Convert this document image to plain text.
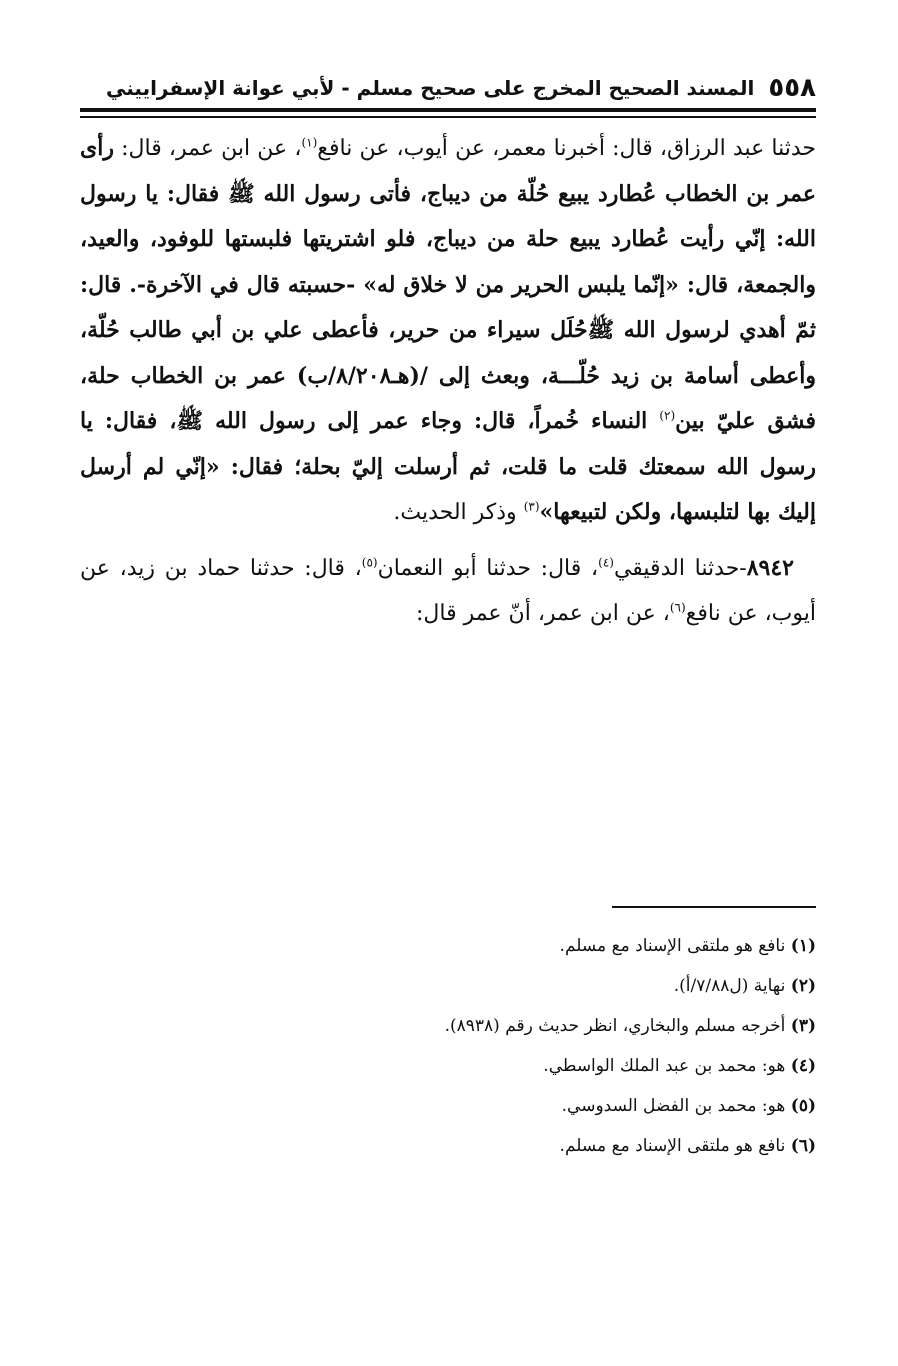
٥٥٨
المسند الصحيح المخرج على صحيح مسلم - لأبي عوانة الإسفراييني
حدثنا عبد الرزاق، قال: أخبرنا معمر، عن أيوب، عن نافع$^{(١)}$، عن ابن عمر، قال: رأى عمر بن الخطاب عُطارد يبيع حُلّة من ديباج، فأتى رسول الله ﷺ فقال: يا رسول الله: إنّي رأيت عُطارد يبيع حلة من ديباج، فلو اشتريتها فلبستها للوفود، والعيد، والجمعة، قال: «إنّما يلبس الحرير من لا خلاق له» -حسبته قال في الآخرة-. قال: ثمّ أهدي لرسول الله ﷺحُلَل سيراء من حرير، فأعطى علي بن أبي طالب حُلّة، وأعطى أسامة بن زيد حُلّـــة، وبعث إلى /(هـ٨/٢٠٨/ب) عمر بن الخطاب حلة، فشق عليّ بين$^{(٢)}$ النساء خُمراً، قال: وجاء عمر إلى رسول الله ﷺ، فقال: يا رسول الله سمعتك قلت ما قلت، ثم أرسلت إليّ بحلة؛ فقال: «إنّي لم أرسل إليك بها لتلبسها، ولكن لتبيعها»$^{(٣)}$ وذكر الحديث.
 ٨٩٤٢-حدثنا الدقيقي$^{(٤)}$، قال: حدثنا أبو النعمان$^{(٥)}$، قال: حدثنا حماد بن زيد، عن أيوب، عن نافع$^{(٦)}$، عن ابن عمر، أنّ عمر قال:
(١) نافع هو ملتقى الإسناد مع مسلم.
(٢) نهاية (ل٧/٨٨/أ).
(٣) أخرجه مسلم والبخاري، انظر حديث رقم (٨٩٣٨).
(٤) هو: محمد بن عبد الملك الواسطي.
(٥) هو: محمد بن الفضل السدوسي.
(٦) نافع هو ملتقى الإسناد مع مسلم.
